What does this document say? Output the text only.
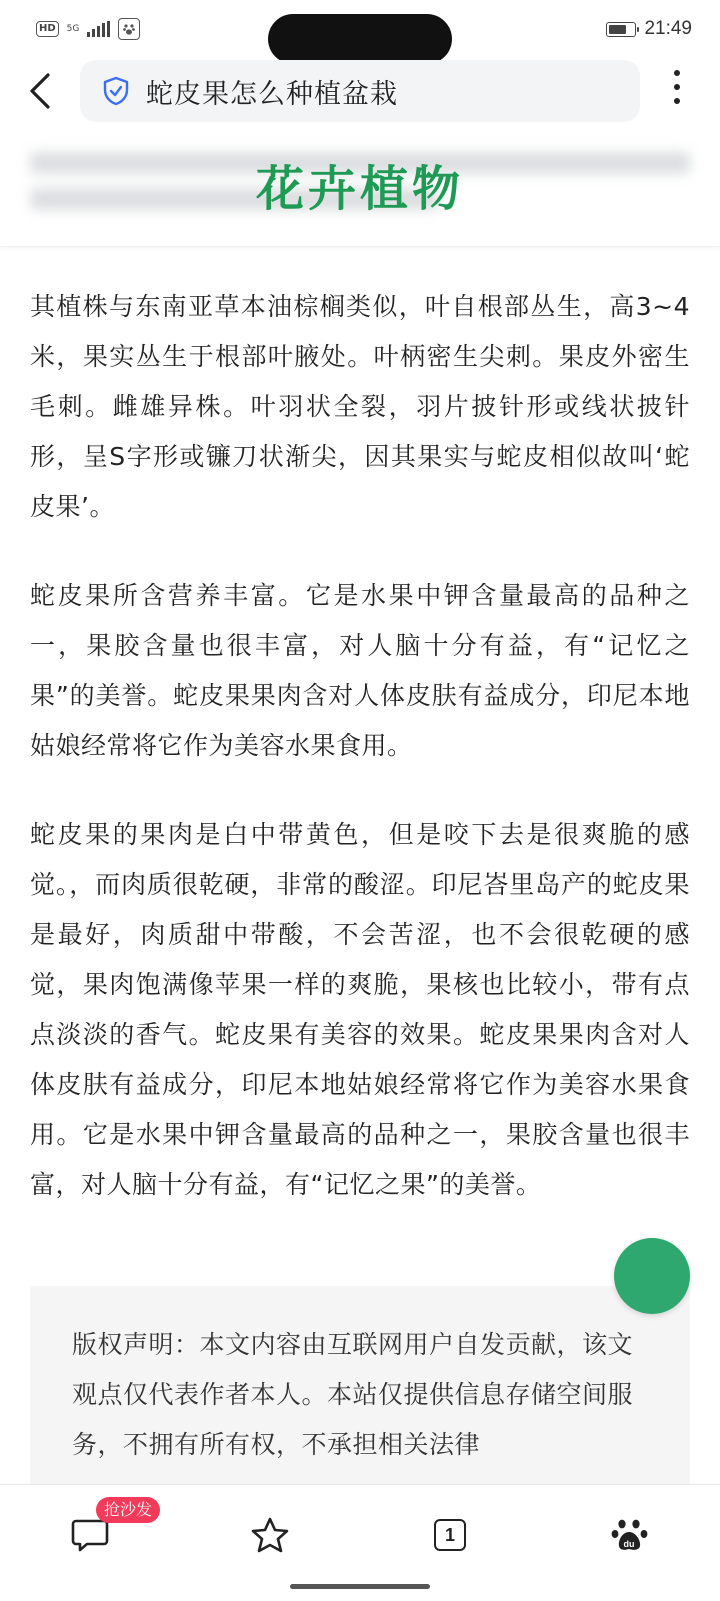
HD	5G	21:49
蛇皮果怎么种植盆栽
花卉植物

其植株与东南亚草本油棕榈类似，叶自根部丛生，高3~4米，果实丛生于根部叶腋处。叶柄密生尖刺。果皮外密生毛刺。雌雄异株。叶羽状全裂，羽片披针形或线状披针形，呈S字形或镰刀状渐尖，因其果实与蛇皮相似故叫‘蛇皮果’。

蛇皮果所含营养丰富。它是水果中钾含量最高的品种之一，果胶含量也很丰富，对人脑十分有益，有“记忆之果”的美誉。蛇皮果果肉含对人体皮肤有益成分，印尼本地姑娘经常将它作为美容水果食用。

蛇皮果的果肉是白中带黄色，但是咬下去是很爽脆的感觉。，而肉质很乾硬，非常的酸涩。印尼峇里岛产的蛇皮果是最好，肉质甜中带酸，不会苦涩，也不会很乾硬的感觉，果肉饱满像苹果一样的爽脆，果核也比较小，带有点点淡淡的香气。蛇皮果有美容的效果。蛇皮果果肉含对人体皮肤有益成分，印尼本地姑娘经常将它作为美容水果食用。它是水果中钾含量最高的品种之一，果胶含量也很丰富，对人脑十分有益，有“记忆之果”的美誉。

版权声明：本文内容由互联网用户自发贡献，该文观点仅代表作者本人。本站仅提供信息存储空间服务，不拥有所有权，不承担相关法律

抢沙发
1	du
